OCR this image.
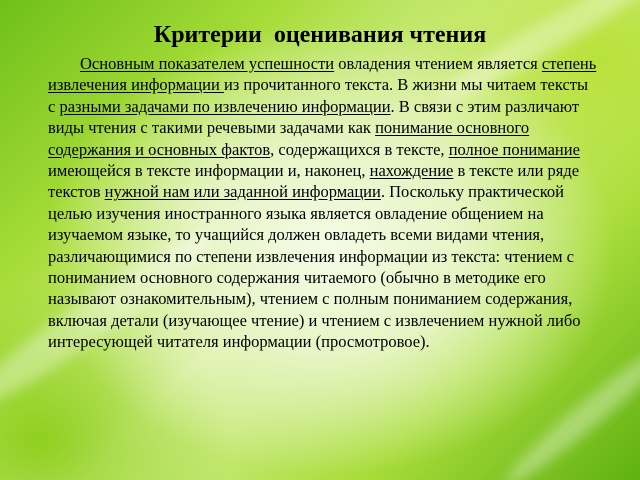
Критерии  оценивания чтения
Основным показателем успешности овладения чтением является степень извлечения информации из прочитанного текста. В жизни мы читаем тексты с разными задачами по извлечению информации. В связи с этим различают виды чтения с такими речевыми задачами как понимание основного содержания и основных фактов, содержащихся в тексте, полное понимание имеющейся в тексте информации и, наконец, нахождение в тексте или ряде текстов нужной нам или заданной информации. Поскольку практической целью изучения иностранного языка является овладение общением на изучаемом языке, то учащийся должен овладеть всеми видами чтения, различающимися по степени извлечения информации из текста: чтением с пониманием основного содержания читаемого (обычно в методике его называют ознакомительным), чтением с полным пониманием содержания, включая детали (изучающее чтение) и чтением с извлечением нужной либо интересующей читателя информации (просмотровое).
